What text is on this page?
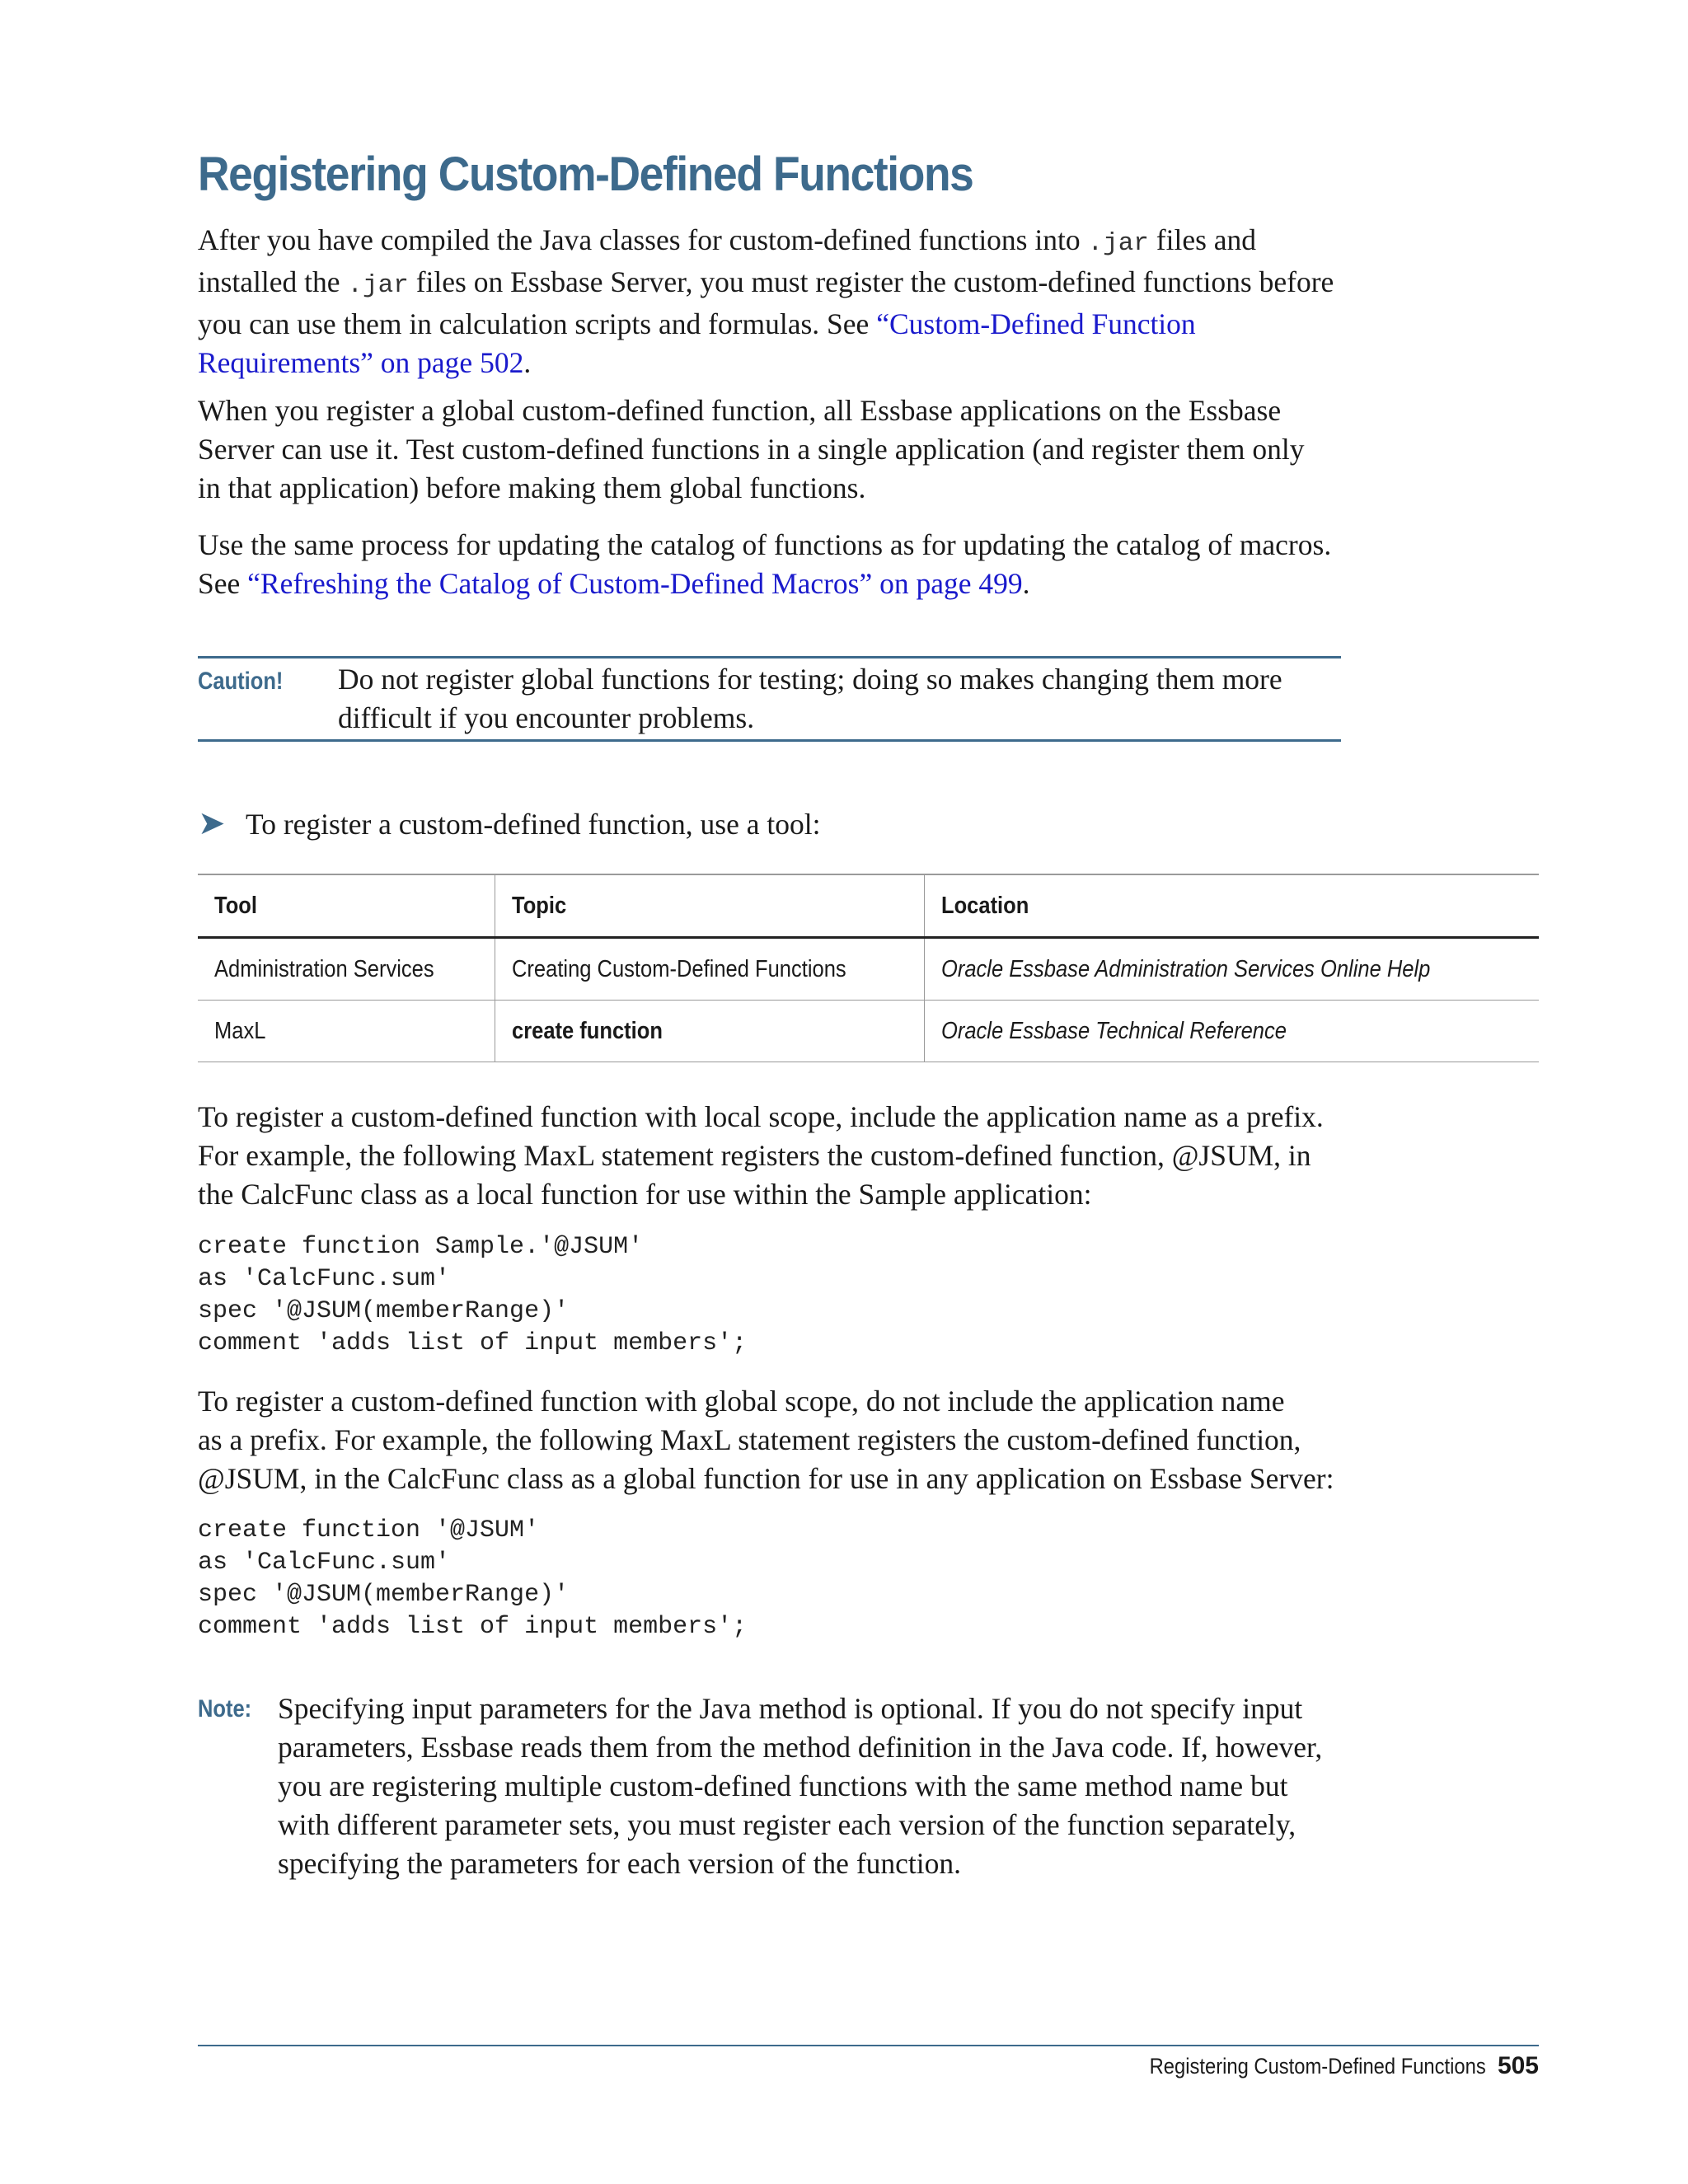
Registering Custom-Defined Functions

After you have compiled the Java classes for custom-defined functions into .jar files and
installed the .jar files on Essbase Server, you must register the custom-defined functions before
you can use them in calculation scripts and formulas. See “Custom-Defined Function
Requirements” on page 502.

When you register a global custom-defined function, all Essbase applications on the Essbase
Server can use it. Test custom-defined functions in a single application (and register them only
in that application) before making them global functions.

Use the same process for updating the catalog of functions as for updating the catalog of macros.
See “Refreshing the Catalog of Custom-Defined Macros” on page 499.

Caution! Do not register global functions for testing; doing so makes changing them more
difficult if you encounter problems.
➤ To register a custom-defined function, use a tool:
Tool	Topic	Location
Administration Services	Creating Custom-Defined Functions	Oracle Essbase Administration Services Online Help
MaxL	create function	Oracle Essbase Technical Reference

To register a custom-defined function with local scope, include the application name as a prefix.
For example, the following MaxL statement registers the custom-defined function, @JSUM, in
the CalcFunc class as a local function for use within the Sample application:

create function Sample.'@JSUM'
as 'CalcFunc.sum'
spec '@JSUM(memberRange)'
comment 'adds list of input members';

To register a custom-defined function with global scope, do not include the application name
as a prefix. For example, the following MaxL statement registers the custom-defined function,
@JSUM, in the CalcFunc class as a global function for use in any application on Essbase Server:

create function '@JSUM'
as 'CalcFunc.sum'
spec '@JSUM(memberRange)'
comment 'adds list of input members';
Note: Specifying input parameters for the Java method is optional. If you do not specify input
parameters, Essbase reads them from the method definition in the Java code. If, however,
you are registering multiple custom-defined functions with the same method name but
with different parameter sets, you must register each version of the function separately,
specifying the parameters for each version of the function.
Registering Custom-Defined Functions 505
